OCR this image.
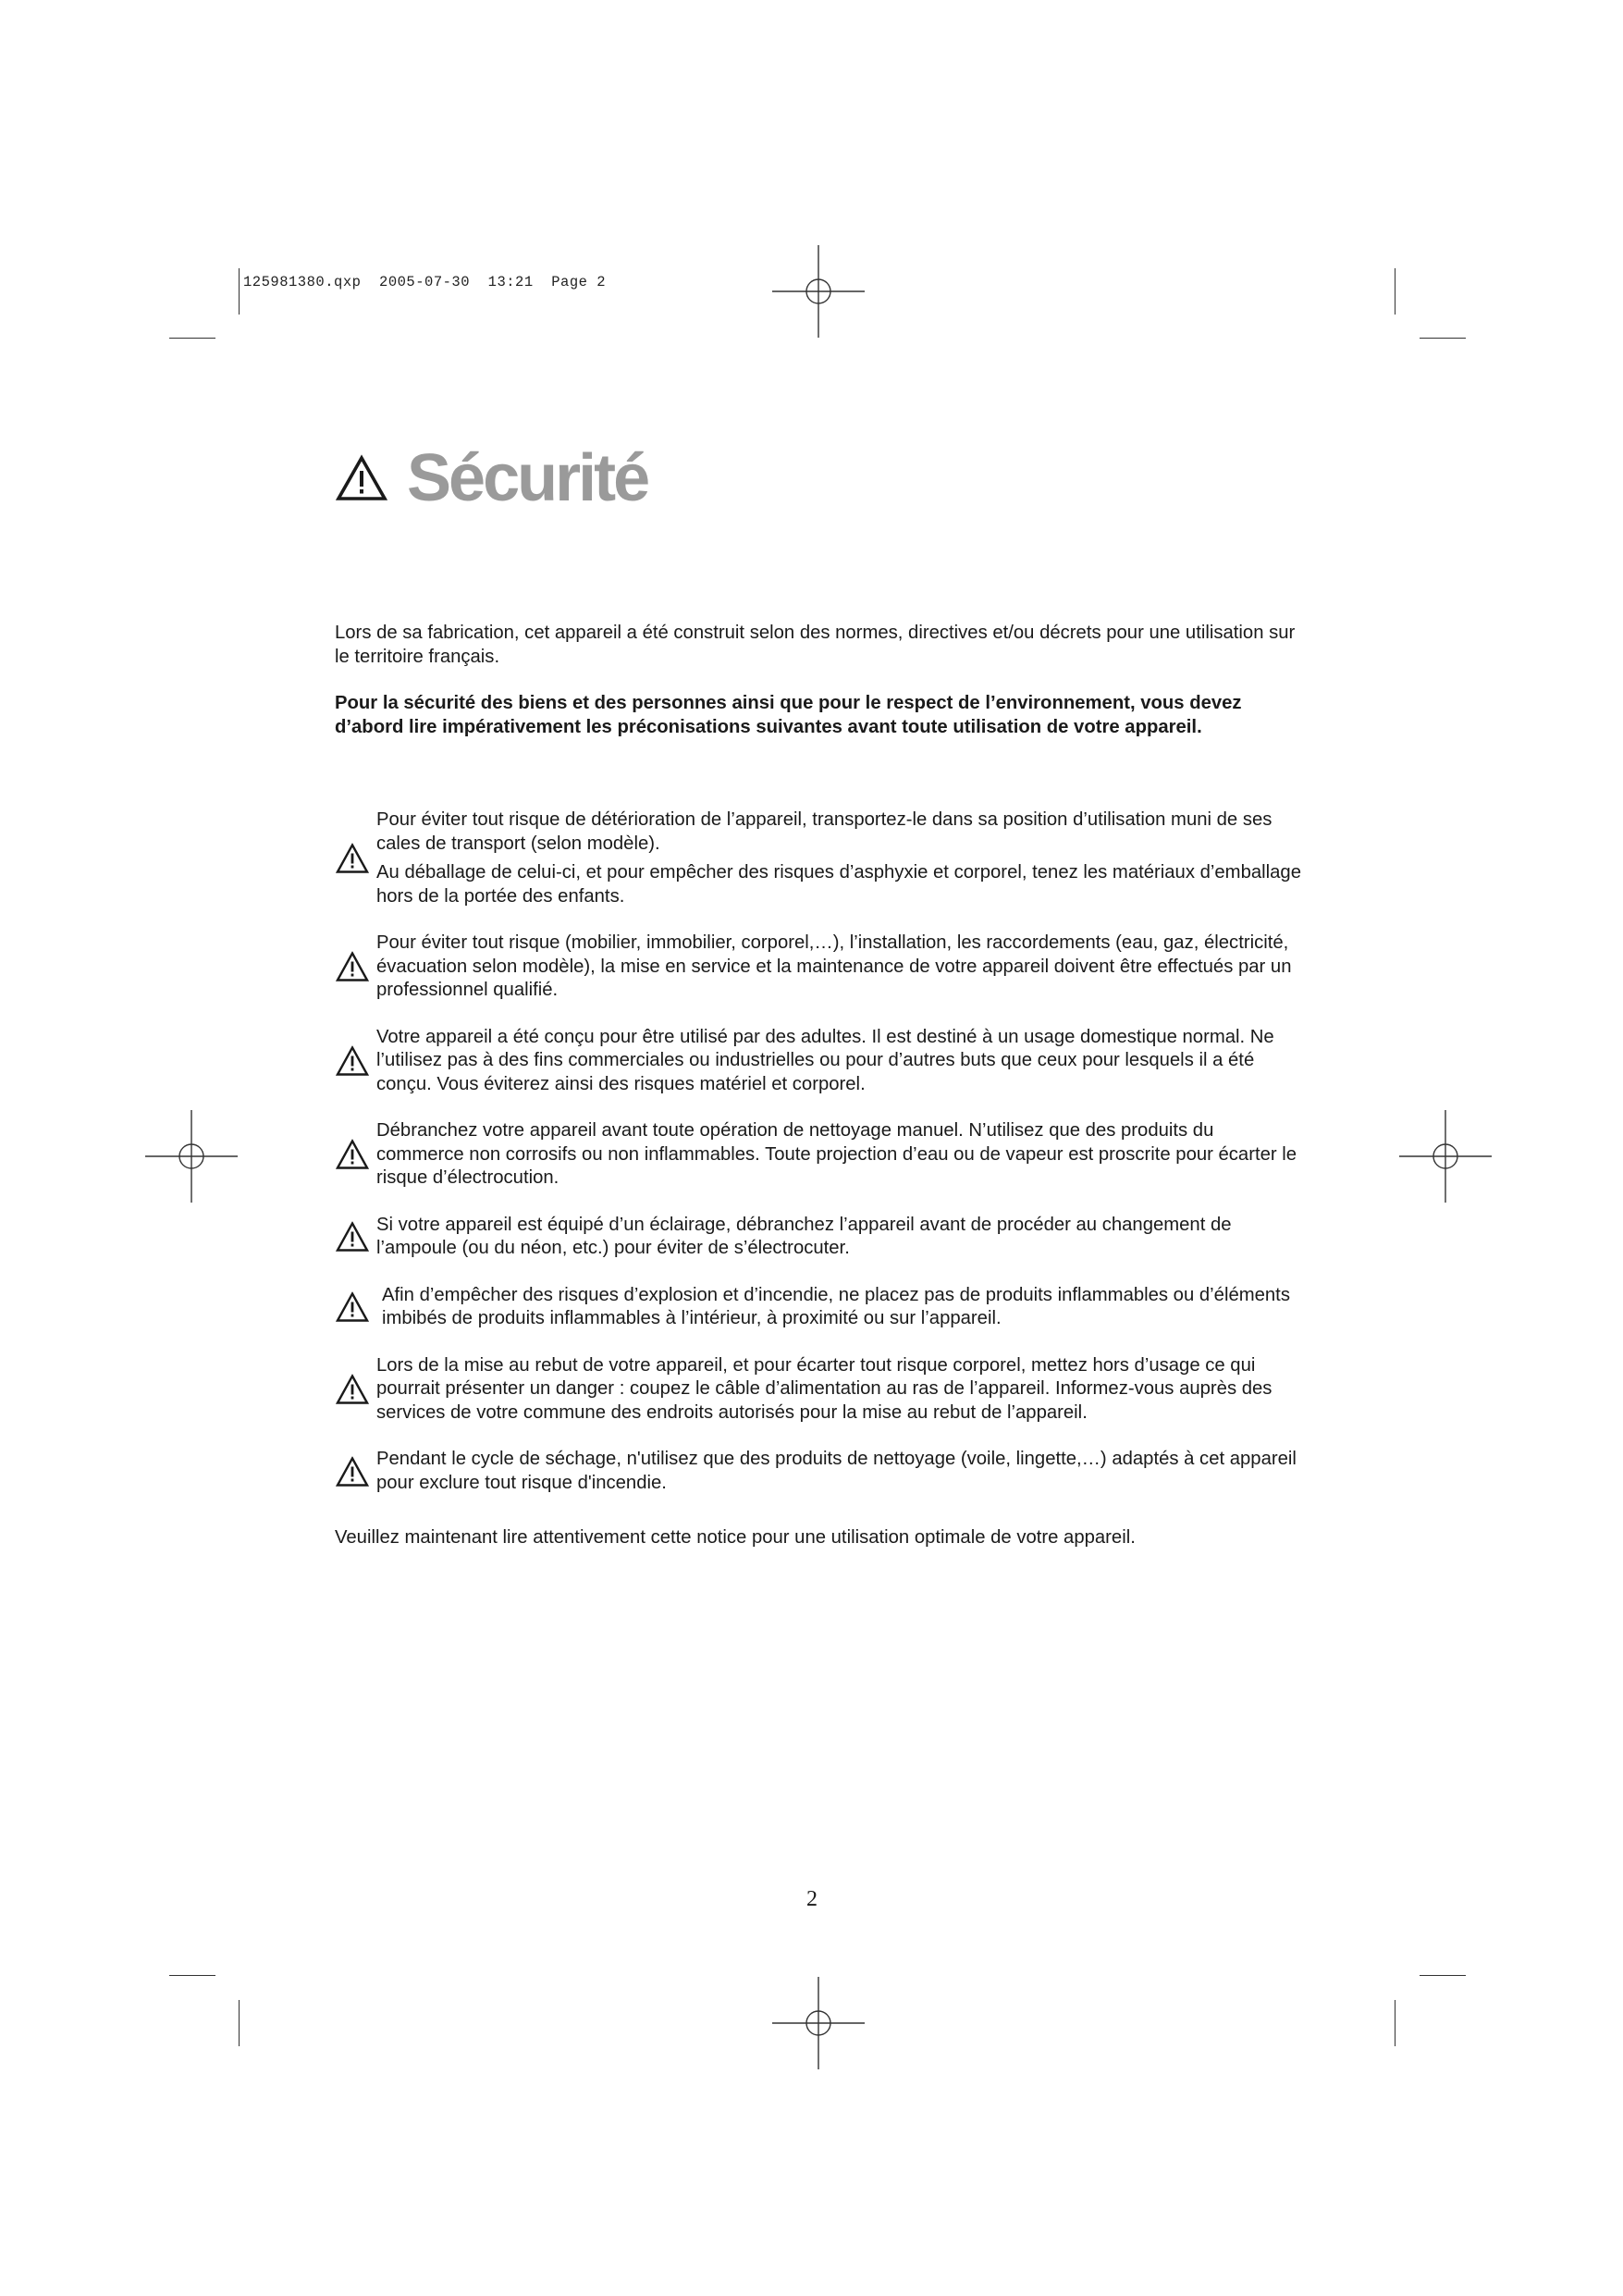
125981380.qxp  2005-07-30  13:21  Page 2
Sécurité

Lors de sa fabrication, cet appareil a été construit selon des normes, directives et/ou décrets pour une utilisation sur le territoire français.

Pour la sécurité des biens et des personnes ainsi que pour le respect de l’environnement, vous devez d’abord lire impérativement les préconisations suivantes avant toute utilisation de votre appareil.

Pour éviter tout risque de détérioration de l’appareil, transportez-le dans sa position d’utilisation muni de ses cales de transport (selon modèle).

Au déballage de celui-ci, et pour empêcher des risques d’asphyxie et corporel, tenez les matériaux d’emballage hors de la portée des enfants.

Pour éviter tout risque (mobilier, immobilier, corporel,…), l’installation, les raccordements (eau, gaz, électricité, évacuation selon modèle), la mise en service et la maintenance de votre appareil doivent être effectués par un professionnel qualifié.

Votre appareil a été conçu pour être utilisé par des adultes. Il est destiné à un usage domestique normal. Ne l’utilisez pas à des fins commerciales ou industrielles ou pour d’autres buts que ceux pour lesquels il a été conçu. Vous éviterez ainsi des risques matériel et corporel.

Débranchez votre appareil avant toute opération de nettoyage manuel. N’utilisez que des produits du commerce non corrosifs ou non inflammables. Toute projection d’eau ou de vapeur est proscrite pour écarter le risque d’électrocution.

Si votre appareil est équipé d’un éclairage, débranchez l’appareil avant de procéder au changement de l’ampoule (ou du néon, etc.) pour éviter de s’électrocuter.

Afin d’empêcher des risques d’explosion et d’incendie, ne placez pas de produits inflammables ou d’éléments imbibés de produits inflammables à l’intérieur, à proximité ou sur l’appareil.

Lors de la mise au rebut de votre appareil, et pour écarter tout risque corporel, mettez hors d’usage ce qui pourrait présenter un danger : coupez le câble d’alimentation au ras de l’appareil. Informez-vous auprès des services de votre commune des endroits autorisés pour la mise au rebut de l’appareil.

Pendant le cycle de séchage, n'utilisez que des produits de nettoyage (voile, lingette,…) adaptés à cet appareil pour exclure tout risque d'incendie.

Veuillez maintenant lire attentivement cette notice pour une utilisation optimale de votre appareil.

2
